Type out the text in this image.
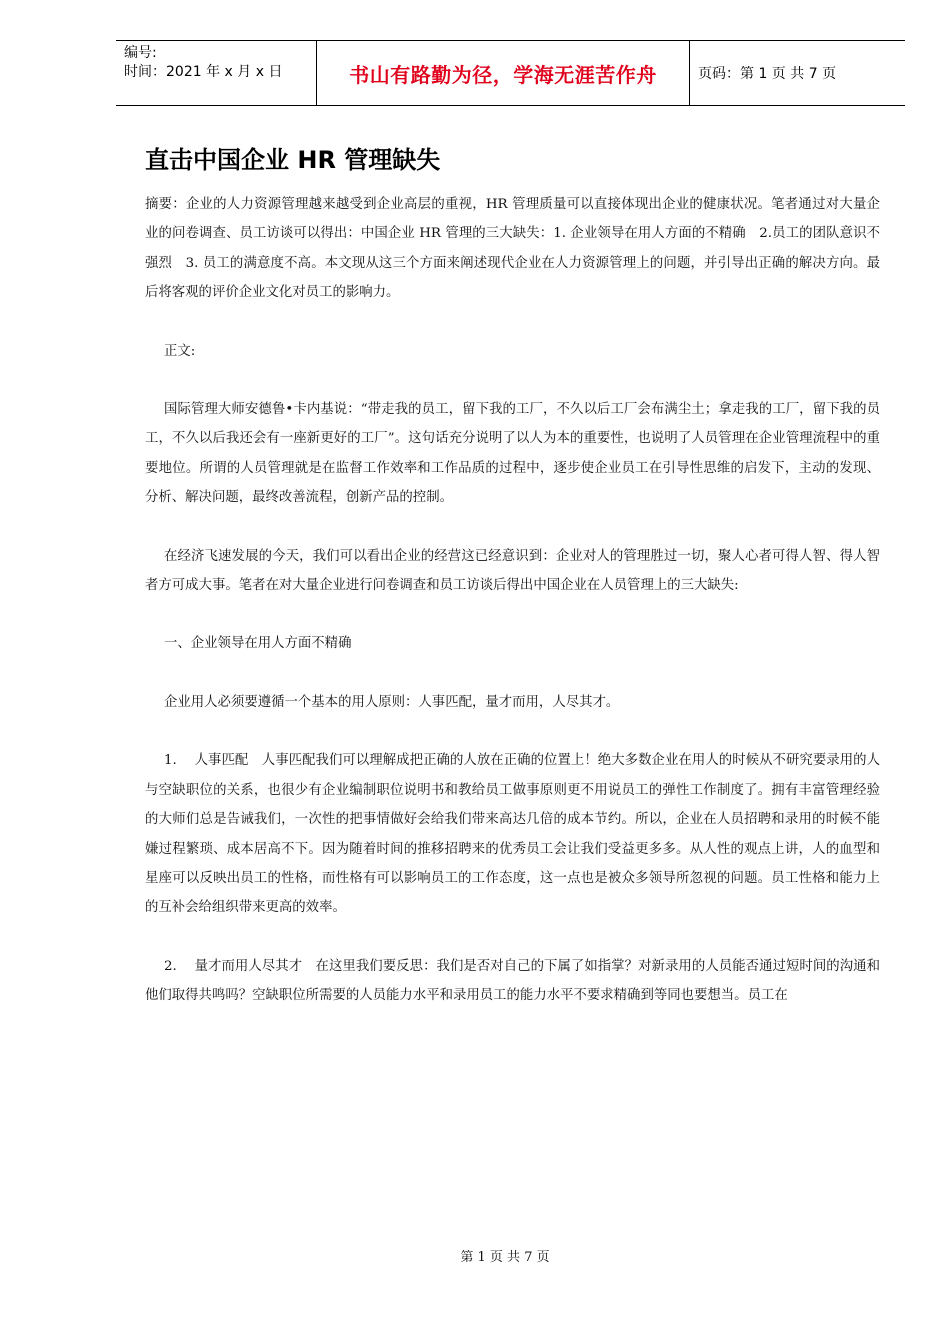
编号:
时间：2021 年 x 月 x 日	书山有路勤为径，学海无涯苦作舟	页码：第 1 页 共 7 页
直击中国企业 HR 管理缺失

摘要：企业的人力资源管理越来越受到企业高层的重视，HR 管理质量可以直接体现出企业的健康状况。笔者通过对大量企业的问卷调查、员工访谈可以得出：中国企业 HR 管理的三大缺失：1. 企业领导在用人方面的不精确　2.员工的团队意识不强烈　3. 员工的满意度不高。本文现从这三个方面来阐述现代企业在人力资源管理上的问题，并引导出正确的解决方向。最后将客观的评价企业文化对员工的影响力。

正文:

国际管理大师安德鲁•卡内基说：“带走我的员工，留下我的工厂，不久以后工厂会布满尘土；拿走我的工厂，留下我的员工，不久以后我还会有一座新更好的工厂”。这句话充分说明了以人为本的重要性，也说明了人员管理在企业管理流程中的重要地位。所谓的人员管理就是在监督工作效率和工作品质的过程中，逐步使企业员工在引导性思维的启发下，主动的发现、分析、解决问题，最终改善流程，创新产品的控制。

在经济飞速发展的今天，我们可以看出企业的经营这已经意识到：企业对人的管理胜过一切，聚人心者可得人智、得人智者方可成大事。笔者在对大量企业进行问卷调查和员工访谈后得出中国企业在人员管理上的三大缺失:

一、企业领导在用人方面不精确

企业用人必须要遵循一个基本的用人原则：人事匹配，量才而用，人尽其才。

1.　 人事匹配　人事匹配我们可以理解成把正确的人放在正确的位置上！绝大多数企业在用人的时候从不研究要录用的人与空缺职位的关系，也很少有企业编制职位说明书和教给员工做事原则更不用说员工的弹性工作制度了。拥有丰富管理经验的大师们总是告诫我们，一次性的把事情做好会给我们带来高达几倍的成本节约。所以，企业在人员招聘和录用的时候不能嫌过程繁琐、成本居高不下。因为随着时间的推移招聘来的优秀员工会让我们受益更多多。从人性的观点上讲，人的血型和星座可以反映出员工的性格，而性格有可以影响员工的工作态度，这一点也是被众多领导所忽视的问题。员工性格和能力上的互补会给组织带来更高的效率。

2.　 量才而用人尽其才　在这里我们要反思：我们是否对自己的下属了如指掌？对新录用的人员能否通过短时间的沟通和他们取得共鸣吗？空缺职位所需要的人员能力水平和录用员工的能力水平不要求精确到等同也要想当。员工在

第 1 页 共 7 页
